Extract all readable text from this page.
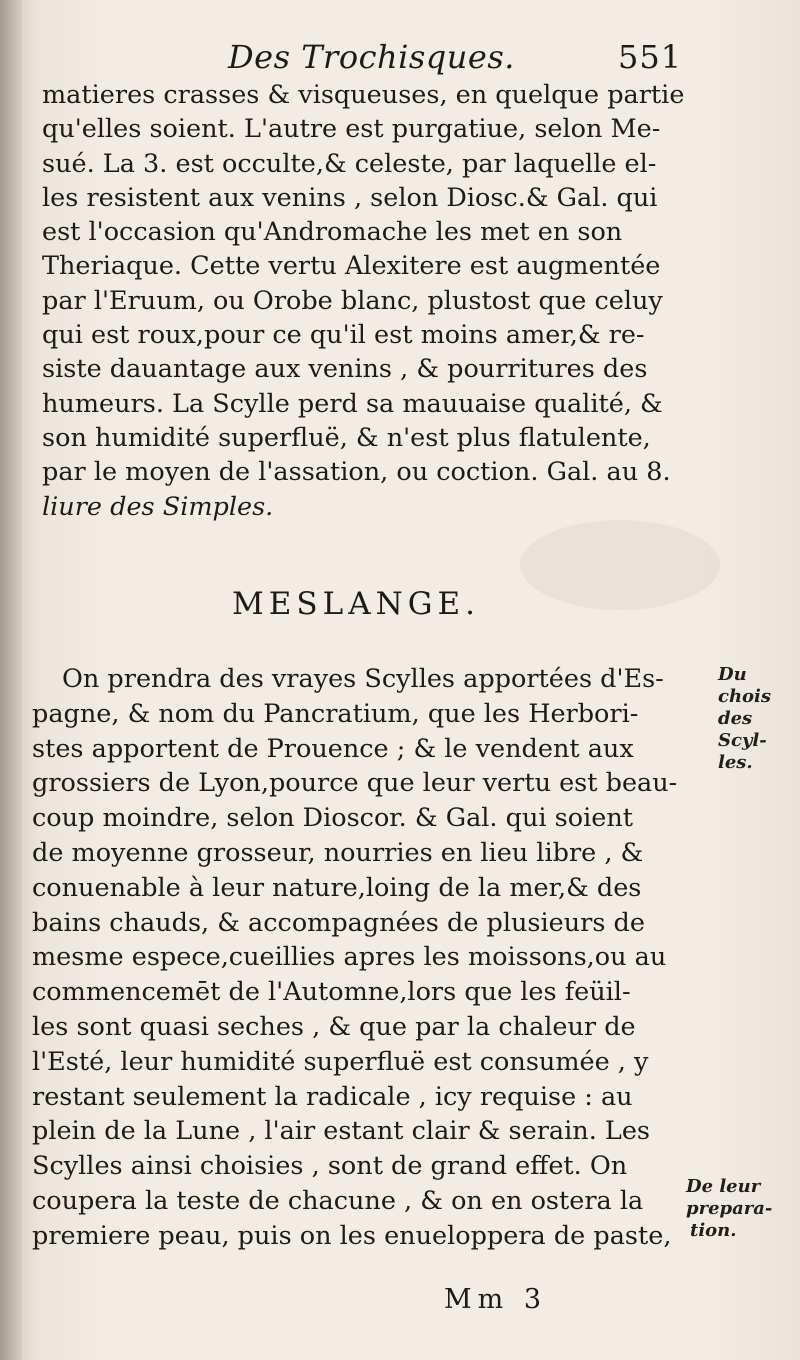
Des Trochisques.	551
matieres crasses & visqueuses, en quelque partie
qu'elles soient. L'autre est purgatiue, selon Me-
sué. La 3. est occulte,& celeste, par laquelle el-
les resistent aux venins , selon Diosc.& Gal. qui
est l'occasion qu'Andromache les met en son
Theriaque. Cette vertu Alexitere est augmentée
par l'Eruum, ou Orobe blanc, plustost que celuy
qui est roux,pour ce qu'il est moins amer,& re-
siste dauantage aux venins , & pourritures des
humeurs. La Scylle perd sa mauuaise qualité, &
son humidité superfluë, & n'est plus flatulente,
par le moyen de l'assation, ou coction. Gal. au 8.
liure des Simples.
MESLANGE.
On prendra des vrayes Scylles apportées d'Es-
pagne, & nom du Pancratium, que les Herbori-
stes apportent de Prouence ; & le vendent aux
grossiers de Lyon,pource que leur vertu est beau-
coup moindre, selon Dioscor. & Gal. qui soient
de moyenne grosseur, nourries en lieu libre , &
conuenable à leur nature,loing de la mer,& des
bains chauds, & accompagnées de plusieurs de
mesme espece,cueillies apres les moissons,ou au
commencemēt de l'Automne,lors que les feüil-
les sont quasi seches , & que par la chaleur de
l'Esté, leur humidité superfluë est consumée , y
restant seulement la radicale , icy requise : au
plein de la Lune , l'air estant clair & serain. Les
Scylles ainsi choisies , sont de grand effet. On
coupera la teste de chacune , & on en ostera la
premiere peau, puis on les enueloppera de paste,
Du chois
des Scyl-
les.
De leur
prepara-
tion.
Mm 3
